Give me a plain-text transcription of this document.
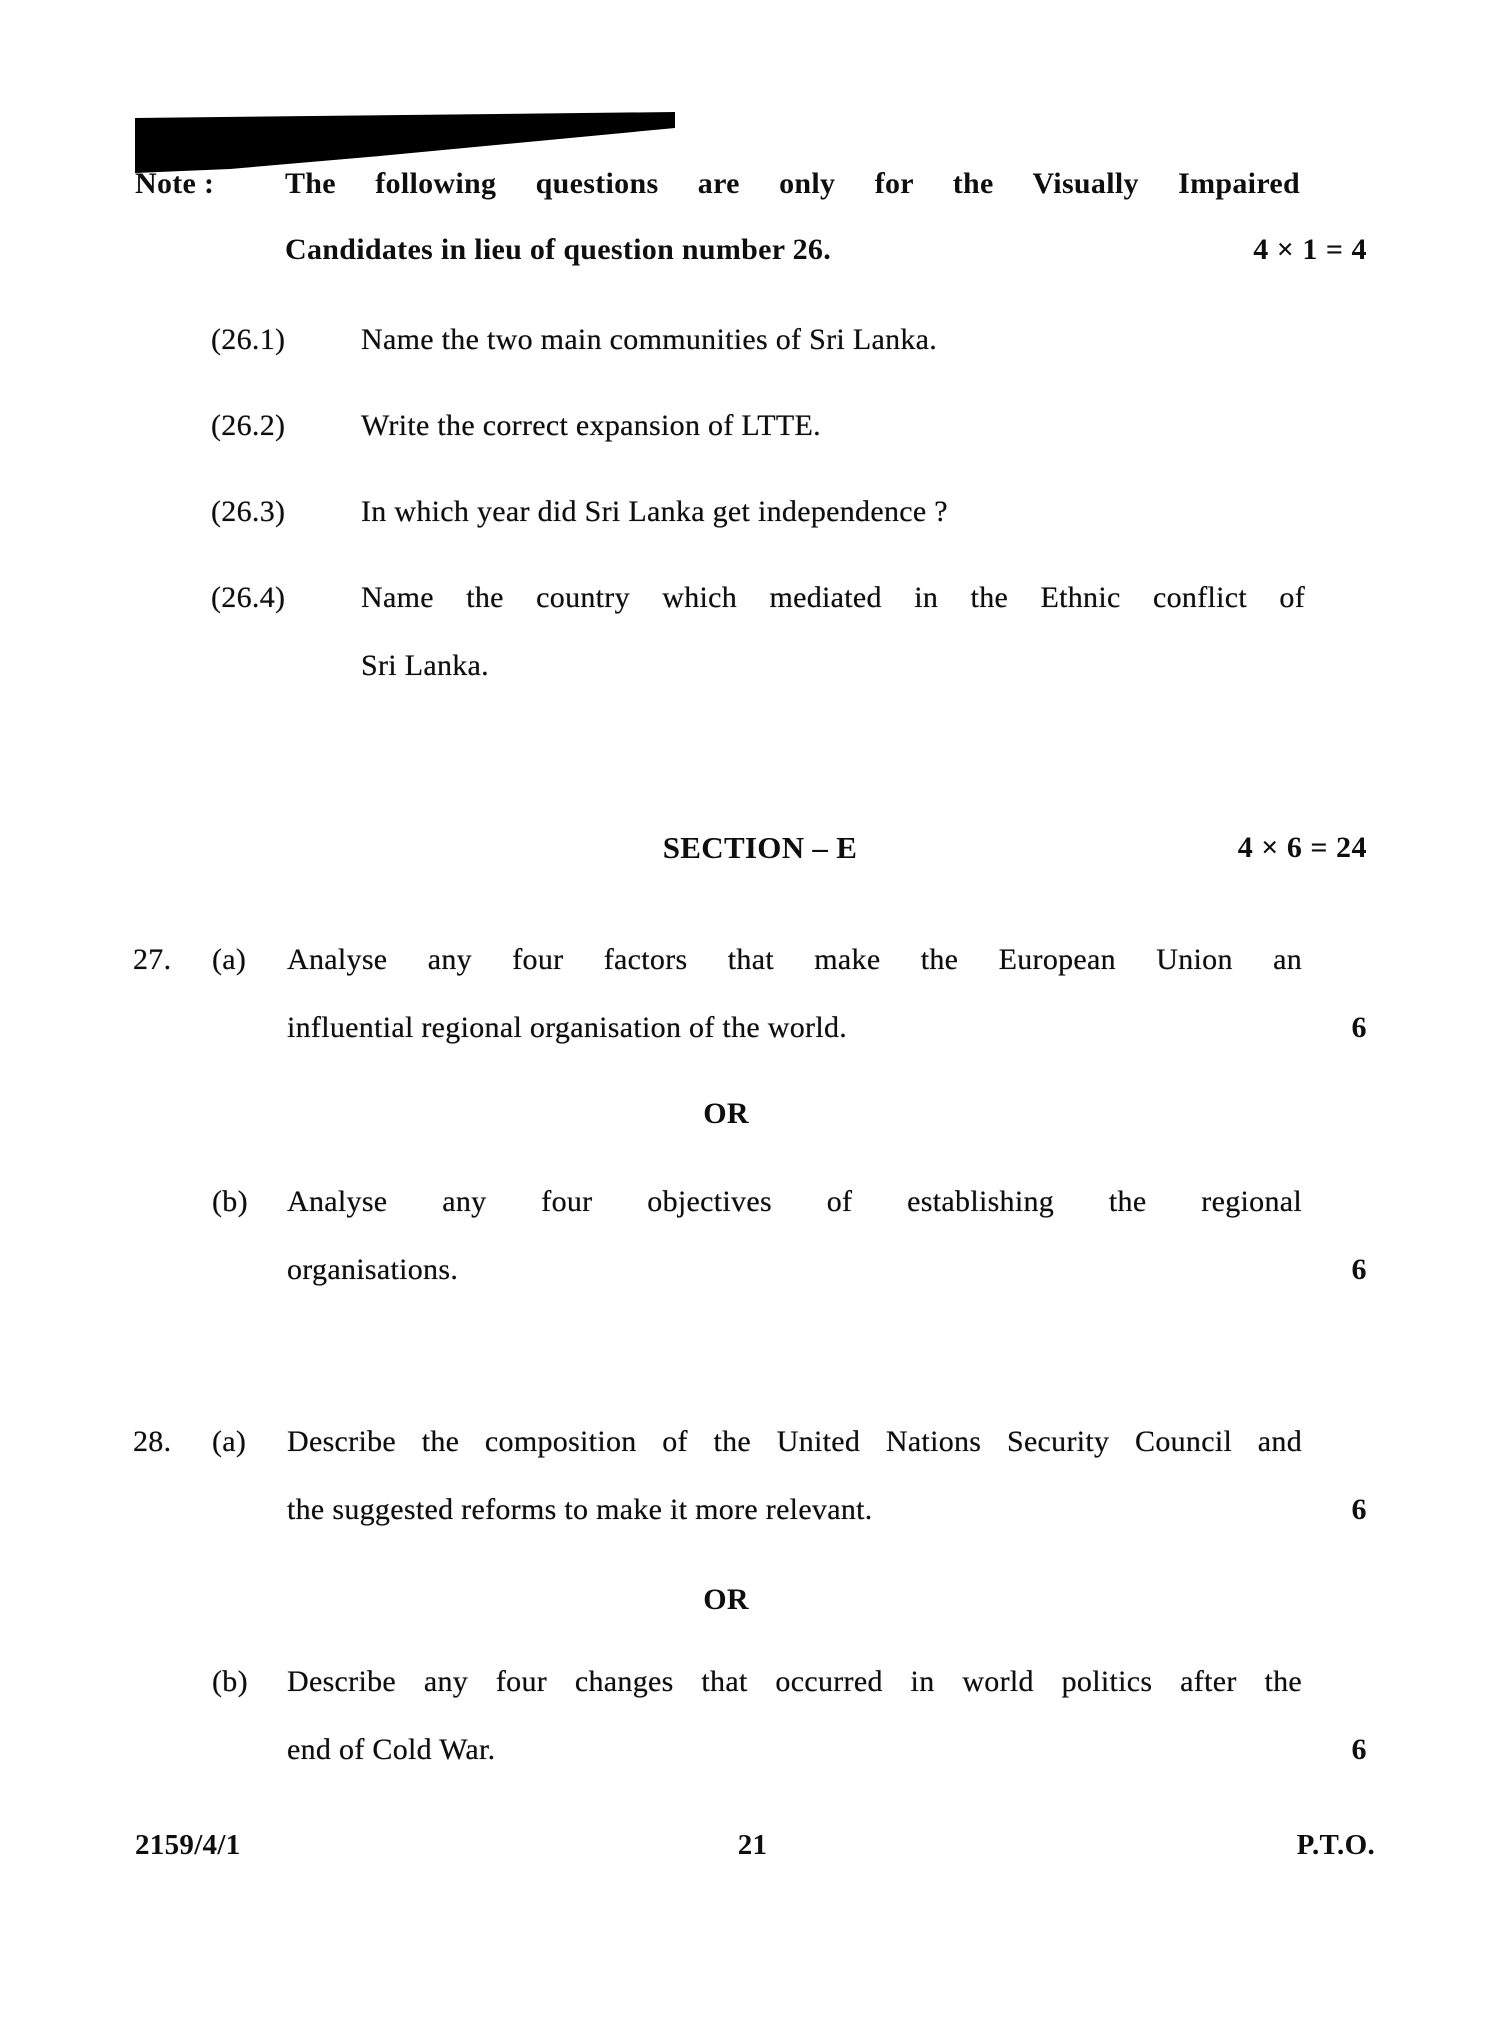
Note : The following questions are only for the Visually Impaired
Candidates in lieu of question number 26.	4 × 1 = 4
(26.1)	Name the two main communities of Sri Lanka.
(26.2)	Write the correct expansion of LTTE.
(26.3)	In which year did Sri Lanka get independence ?
(26.4)	Name the country which mediated in the Ethnic conflict of
Sri Lanka.
SECTION – E	4 × 6 = 24
27. (a) Analyse any four factors that make the European Union an
influential regional organisation of the world.	6
OR
(b) Analyse any four objectives of establishing the regional
organisations.	6
28. (a) Describe the composition of the United Nations Security Council and
the suggested reforms to make it more relevant.	6
OR
(b) Describe any four changes that occurred in world politics after the
end of Cold War.	6
2159/4/1	21	P.T.O.
